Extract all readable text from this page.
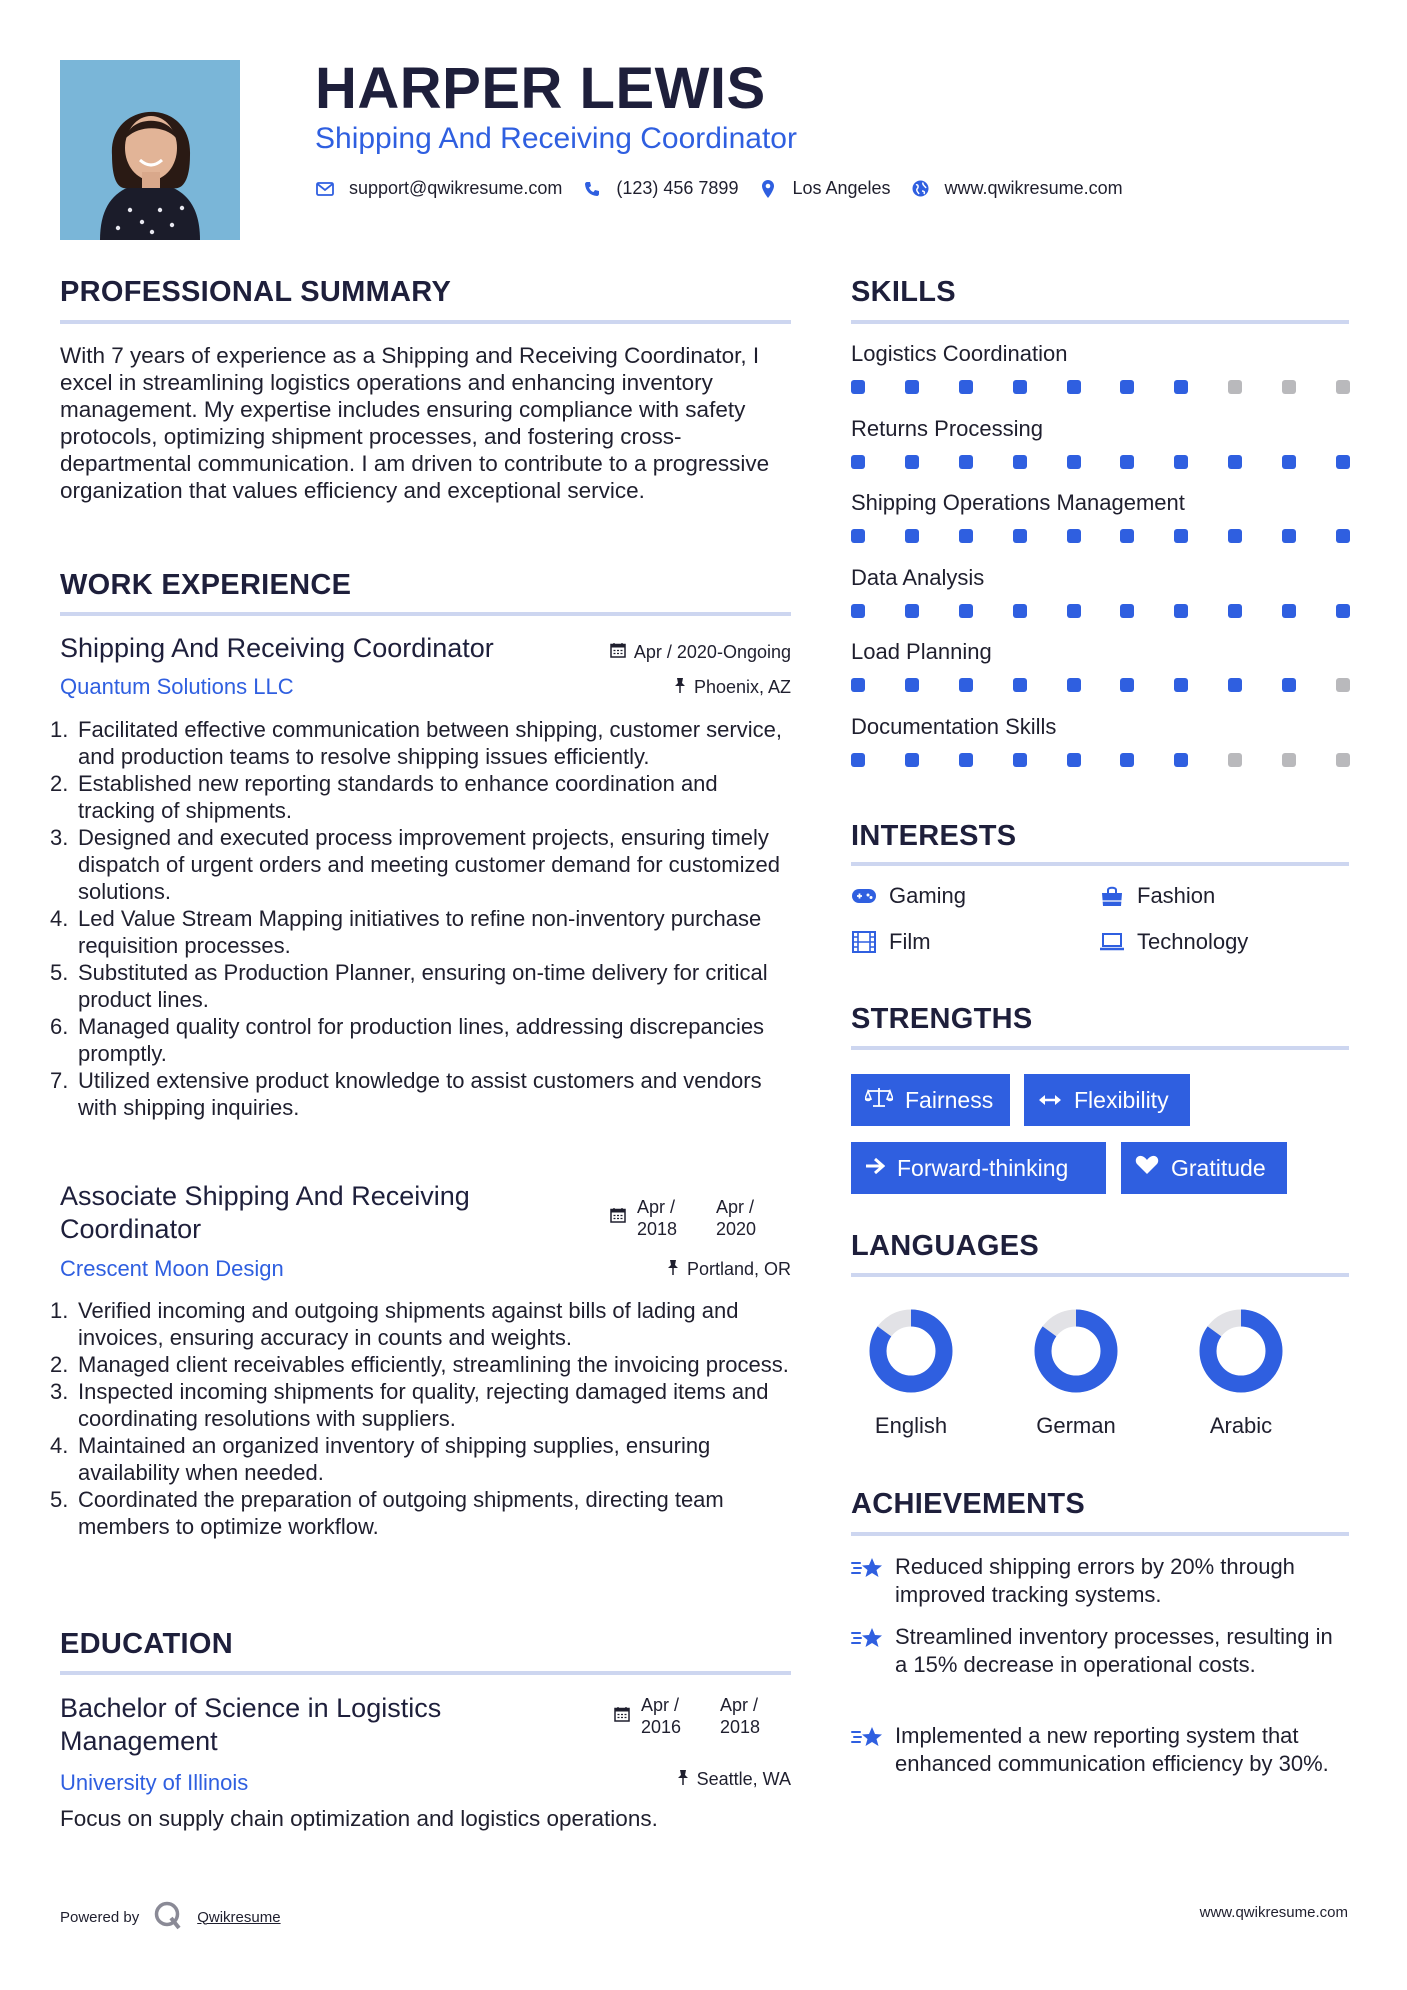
HARPER LEWIS
Shipping And Receiving Coordinator
support@qwikresume.com	(123) 456 7899	Los Angeles	www.qwikresume.com
PROFESSIONAL SUMMARY
With 7 years of experience as a Shipping and Receiving Coordinator, I excel in streamlining logistics operations and enhancing inventory management. My expertise includes ensuring compliance with safety protocols, optimizing shipment processes, and fostering cross-departmental communication. I am driven to contribute to a progressive organization that values efficiency and exceptional service.
WORK EXPERIENCE
Shipping And Receiving Coordinator	Apr / 2020-Ongoing
Quantum Solutions LLC	Phoenix, AZ
1. Facilitated effective communication between shipping, customer service, and production teams to resolve shipping issues efficiently.
2. Established new reporting standards to enhance coordination and tracking of shipments.
3. Designed and executed process improvement projects, ensuring timely dispatch of urgent orders and meeting customer demand for customized solutions.
4. Led Value Stream Mapping initiatives to refine non-inventory purchase requisition processes.
5. Substituted as Production Planner, ensuring on-time delivery for critical product lines.
6. Managed quality control for production lines, addressing discrepancies promptly.
7. Utilized extensive product knowledge to assist customers and vendors with shipping inquiries.
Associate Shipping And Receiving Coordinator
Apr / 2018
Apr / 2020
Crescent Moon Design	Portland, OR
1. Verified incoming and outgoing shipments against bills of lading and invoices, ensuring accuracy in counts and weights.
2. Managed client receivables efficiently, streamlining the invoicing process.
3. Inspected incoming shipments for quality, rejecting damaged items and coordinating resolutions with suppliers.
4. Maintained an organized inventory of shipping supplies, ensuring availability when needed.
5. Coordinated the preparation of outgoing shipments, directing team members to optimize workflow.
EDUCATION
Bachelor of Science in Logistics Management
Apr / 2016
Apr / 2018
University of Illinois	Seattle, WA
Focus on supply chain optimization and logistics operations.
SKILLS
Logistics Coordination
Returns Processing
Shipping Operations Management
Data Analysis
Load Planning
Documentation Skills
INTERESTS
Gaming	Fashion
Film	Technology
STRENGTHS
Fairness	Flexibility
Forward-thinking	Gratitude
LANGUAGES
English	German	Arabic
ACHIEVEMENTS
Reduced shipping errors by 20% through improved tracking systems.
Streamlined inventory processes, resulting in a 15% decrease in operational costs.
Implemented a new reporting system that enhanced communication efficiency by 30%.
Powered by	Qwikresume	www.qwikresume.com
